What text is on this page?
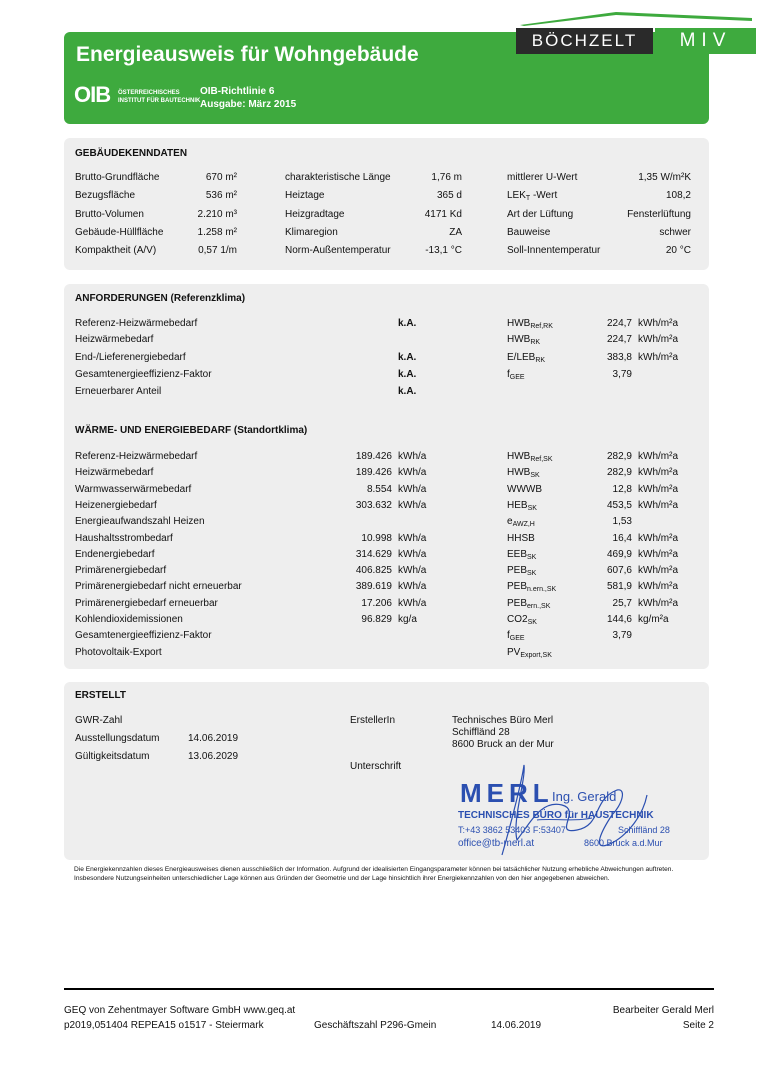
Energieausweis für Wohngebäude
OIB ÖSTERREICHISCHES
INSTITUT FÜR BAUTECHNIK
OIB-Richtlinie 6
Ausgabe: März 2015
BÖCHZELT	MIV
GEBÄUDEKENNDATEN
Brutto-Grundfläche	670 m²	charakteristische Länge	1,76 m	mittlerer U-Wert	1,35 W/m²K
Bezugsfläche	536 m²	Heiztage	365 d	$LEK_T$ -Wert	108,2
Brutto-Volumen	2.210 m³	Heizgradtage	4171 Kd	Art der Lüftung	Fensterlüftung
Gebäude-Hüllfläche	1.258 m²	Klimaregion	ZA	Bauweise	schwer
Kompaktheit (A/V)	0,57 1/m	Norm-Außentemperatur	-13,1 °C	Soll-Innentemperatur	20 °C
ANFORDERUNGEN (Referenzklima)
WÄRME- UND ENERGIEBEDARF (Standortklima)
Referenz-Heizwärmebedarf	k.A.	$HWB_{Ref,RK}$	224,7 kWh/m²a
Heizwärmebedarf	$HWB_{RK}$	224,7 kWh/m²a
End-/Lieferenergiebedarf	k.A.	$E/LEB_{RK}$	383,8 kWh/m²a
Gesamtenergieeffizienz-Faktor	k.A.	$f_{GEE}$	3,79
Erneuerbarer Anteil	k.A.
Referenz-Heizwärmebedarf	189.426 kWh/a	$HWB_{Ref,SK}$	282,9 kWh/m²a
Heizwärmebedarf	189.426 kWh/a	$HWB_{SK}$	282,9 kWh/m²a
Warmwasserwärmebedarf	8.554 kWh/a	WWWB	12,8 kWh/m²a
Heizenergiebedarf	303.632 kWh/a	$HEB_{SK}$	453,5 kWh/m²a
Energieaufwandszahl Heizen	$e_{AWZ,H}$	1,53
Haushaltsstrombedarf	10.998 kWh/a	HHSB	16,4 kWh/m²a
Endenergiebedarf	314.629 kWh/a	$EEB_{SK}$	469,9 kWh/m²a
Primärenergiebedarf	406.825 kWh/a	$PEB_{SK}$	607,6 kWh/m²a
Primärenergiebedarf nicht erneuerbar	389.619 kWh/a	$PEB_{n.ern.,SK}$	581,9 kWh/m²a
Primärenergiebedarf erneuerbar	17.206 kWh/a	$PEB_{ern.,SK}$	25,7 kWh/m²a
Kohlendioxidemissionen	96.829 kg/a	$CO2_{SK}$	144,6 kg/m²a
Gesamtenergieeffizienz-Faktor	$f_{GEE}$	3,79
Photovoltaik-Export	$PV_{Export,SK}$
ERSTELLT
GWR-Zahl
Ausstellungsdatum	14.06.2019
Gültigkeitsdatum	13.06.2029
ErstellerIn	Technisches Büro Merl
Schiffländ 28
8600 Bruck an der Mur
Unterschrift
MERL
Ing. Gerald
TECHNISCHES BÜRO für HAUSTECHNIK
T:+43 3862 53403 F:53407	Schiffländ 28
office@tb-merl.at	8600 Bruck a.d.Mur
Die Energiekennzahlen dieses Energieausweises dienen ausschließlich der Information. Aufgrund der idealisierten Eingangsparameter können bei tatsächlicher Nutzung erhebliche Abweichungen auftreten. Insbesondere Nutzungseinheiten unterschiedlicher Lage können aus Gründen der Geometrie und der Lage hinsichtlich ihrer Energiekennzahlen von den hier angegebenen abweichen.
GEQ von Zehentmayer Software GmbH www.geq.at	Bearbeiter Gerald Merl
p2019,051404 REPEA15 o1517 - Steiermark	Geschäftszahl P296-Gmein	14.06.2019	Seite 2
